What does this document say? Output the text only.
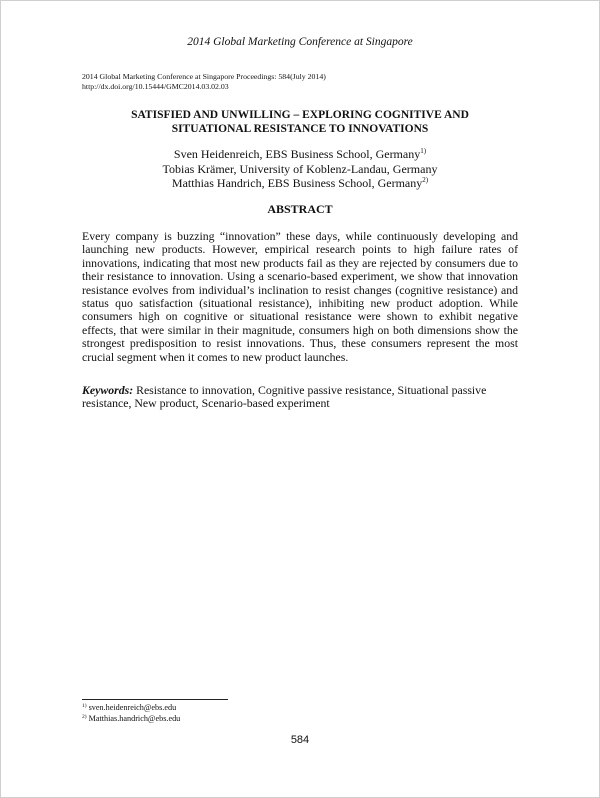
2014 Global Marketing Conference at Singapore
2014 Global Marketing Conference at Singapore Proceedings: 584(July 2014)
http://dx.doi.org/10.15444/GMC2014.03.02.03
SATISFIED AND UNWILLING – EXPLORING COGNITIVE AND
SITUATIONAL RESISTANCE TO INNOVATIONS
Sven Heidenreich, EBS Business School, Germany$^{1)}$
Tobias Krämer, University of Koblenz-Landau, Germany
Matthias Handrich, EBS Business School, Germany$^{2)}$
ABSTRACT
Every company is buzzing “innovation” these days, while continuously developing and launching new products. However, empirical research points to high failure rates of innovations, indicating that most new products fail as they are rejected by consumers due to their resistance to innovation. Using a scenario-based experiment, we show that innovation resistance evolves from individual’s inclination to resist changes (cognitive resistance) and status quo satisfaction (situational resistance), inhibiting new product adoption. While consumers high on cognitive or situational resistance were shown to exhibit negative effects, that were similar in their magnitude, consumers high on both dimensions show the strongest predisposition to resist innovations. Thus, these consumers represent the most crucial segment when it comes to new product launches.
Keywords: Resistance to innovation, Cognitive passive resistance, Situational passive resistance, New product, Scenario-based experiment
$^{1)}$ sven.heidenreich@ebs.edu
$^{2)}$ Matthias.handrich@ebs.edu
584
